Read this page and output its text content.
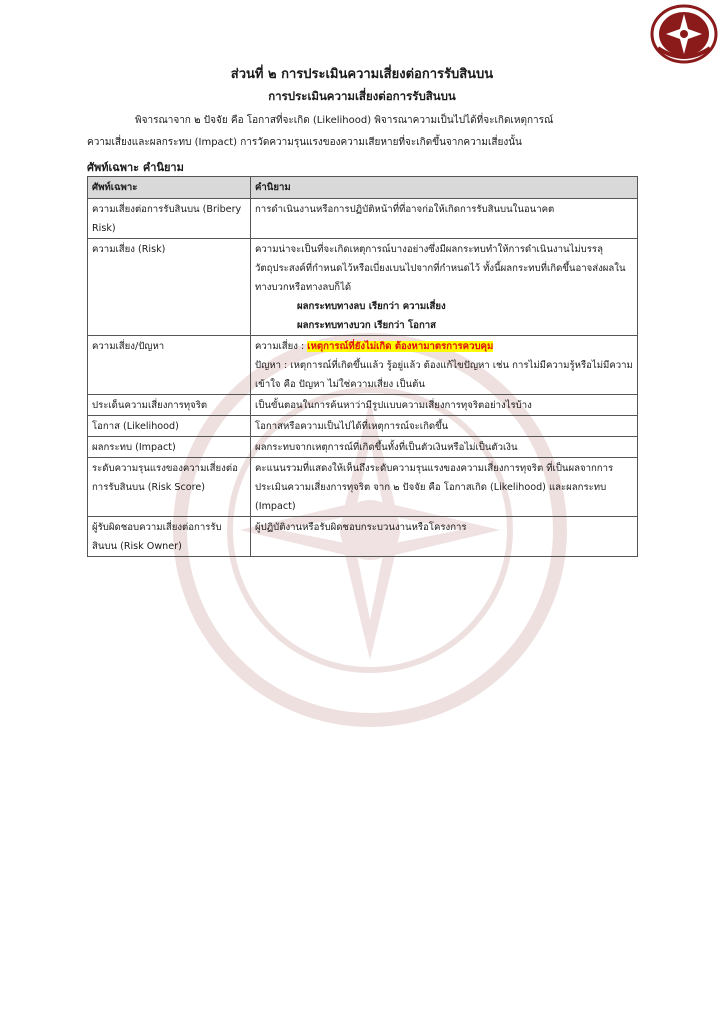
ส่วนที่ ๒ การประเมินความเสี่ยงต่อการรับสินบน
การประเมินความเสี่ยงต่อการรับสินบน
พิจารณาจาก ๒ ปัจจัย คือ โอกาสที่จะเกิด (Likelihood) พิจารณาความเป็นไปได้ที่จะเกิดเหตุการณ์
ความเสี่ยงและผลกระทบ (Impact) การวัดความรุนแรงของความเสียหายที่จะเกิดขึ้นจากความเสี่ยงนั้น
ศัพท์เฉพาะ คำนิยาม
ศัพท์เฉพาะ	คำนิยาม
ความเสี่ยงต่อการรับสินบน (Bribery Risk)	การดำเนินงานหรือการปฏิบัติหน้าที่ที่อาจก่อให้เกิดการรับสินบนในอนาคต
ความเสี่ยง (Risk)	ความน่าจะเป็นที่จะเกิดเหตุการณ์บางอย่างซึ่งมีผลกระทบทำให้การดำเนินงานไม่บรรลุวัตถุประสงค์ที่กำหนดไว้หรือเบี่ยงเบนไปจากที่กำหนดไว้ ทั้งนี้ผลกระทบที่เกิดขึ้นอาจส่งผลในทางบวกหรือทางลบก็ได้
ผลกระทบทางลบ เรียกว่า ความเสี่ยง
ผลกระทบทางบวก เรียกว่า โอกาส

ความเสี่ยง/ปัญหา	ความเสี่ยง : เหตุการณ์ที่ยังไม่เกิด ต้องหามาตรการควบคุม
ปัญหา : เหตุการณ์ที่เกิดขึ้นแล้ว รู้อยู่แล้ว ต้องแก้ไขปัญหา เช่น การไม่มีความรู้หรือไม่มีความเข้าใจ คือ ปัญหา ไม่ใช่ความเสี่ยง เป็นต้น

ประเด็นความเสี่ยงการทุจริต	เป็นขั้นตอนในการค้นหาว่ามีรูปแบบความเสี่ยงการทุจริตอย่างไรบ้าง
โอกาส (Likelihood)	โอกาสหรือความเป็นไปได้ที่เหตุการณ์จะเกิดขึ้น
ผลกระทบ (Impact)	ผลกระทบจากเหตุการณ์ที่เกิดขึ้นทั้งที่เป็นตัวเงินหรือไม่เป็นตัวเงิน
ระดับความรุนแรงของความเสี่ยงต่อการรับสินบน (Risk Score)	คะแนนรวมที่แสดงให้เห็นถึงระดับความรุนแรงของความเสี่ยงการทุจริต ที่เป็นผลจากการประเมินความเสี่ยงการทุจริต จาก ๒ ปัจจัย คือ โอกาสเกิด (Likelihood) และผลกระทบ (Impact)
ผู้รับผิดชอบความเสี่ยงต่อการรับสินบน (Risk Owner)	ผู้ปฏิบัติงานหรือรับผิดชอบกระบวนงานหรือโครงการ
